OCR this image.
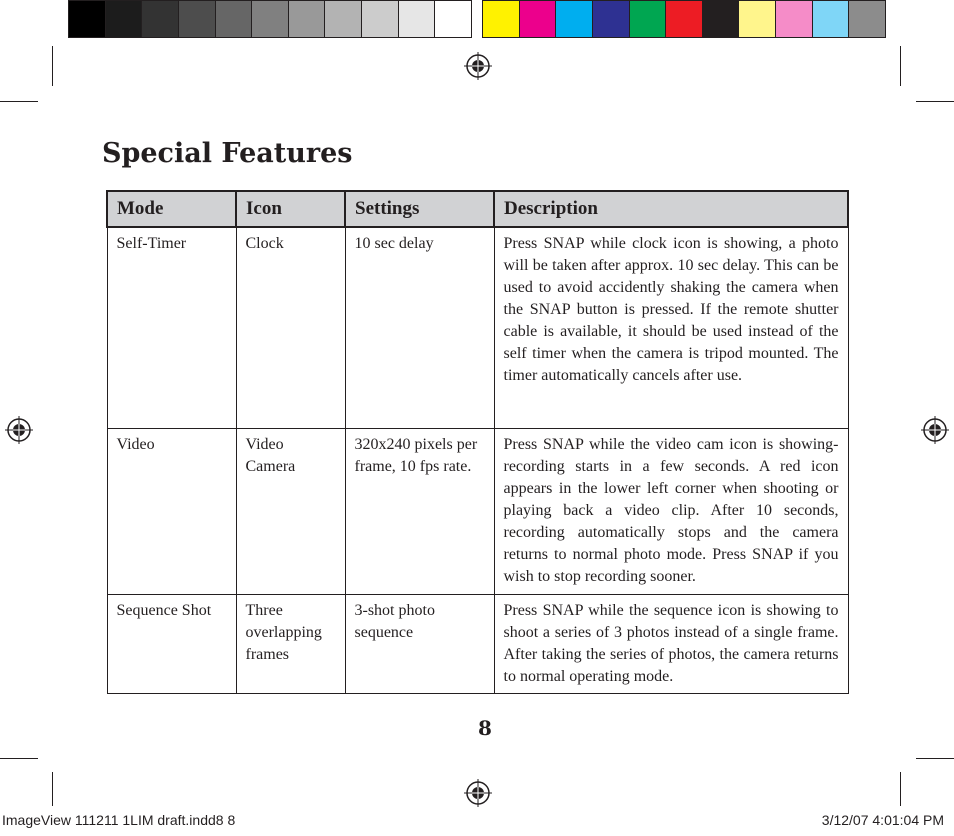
Special Features
Mode	Icon	Settings	Description
Self-Timer	Clock	10 sec delay	Press SNAP while clock icon is showing, a photo will be taken after approx. 10 sec delay. This can be used to avoid accidently shaking the camera when the SNAP button is pressed. If the remote shutter cable is available, it should be used instead of the self timer when the camera is tripod mounted. The timer automatically cancels after use.
Video	Video Camera	320x240 pixels per frame, 10 fps rate.	Press SNAP while the video cam icon is showing-recording starts in a few seconds. A red icon appears in the lower left corner when shooting or playing back a video clip. After 10 seconds, recording automatically stops and the camera returns to normal photo mode. Press SNAP if you wish to stop recording sooner.
Sequence Shot	Three overlapping frames	3-shot photo sequence	Press SNAP while the sequence icon is showing to shoot a series of 3 photos instead of a single frame. After taking the series of photos, the camera returns to normal operating mode.
8
ImageView 111211 1LIM draft.indd8 8	3/12/07 4:01:04 PM
